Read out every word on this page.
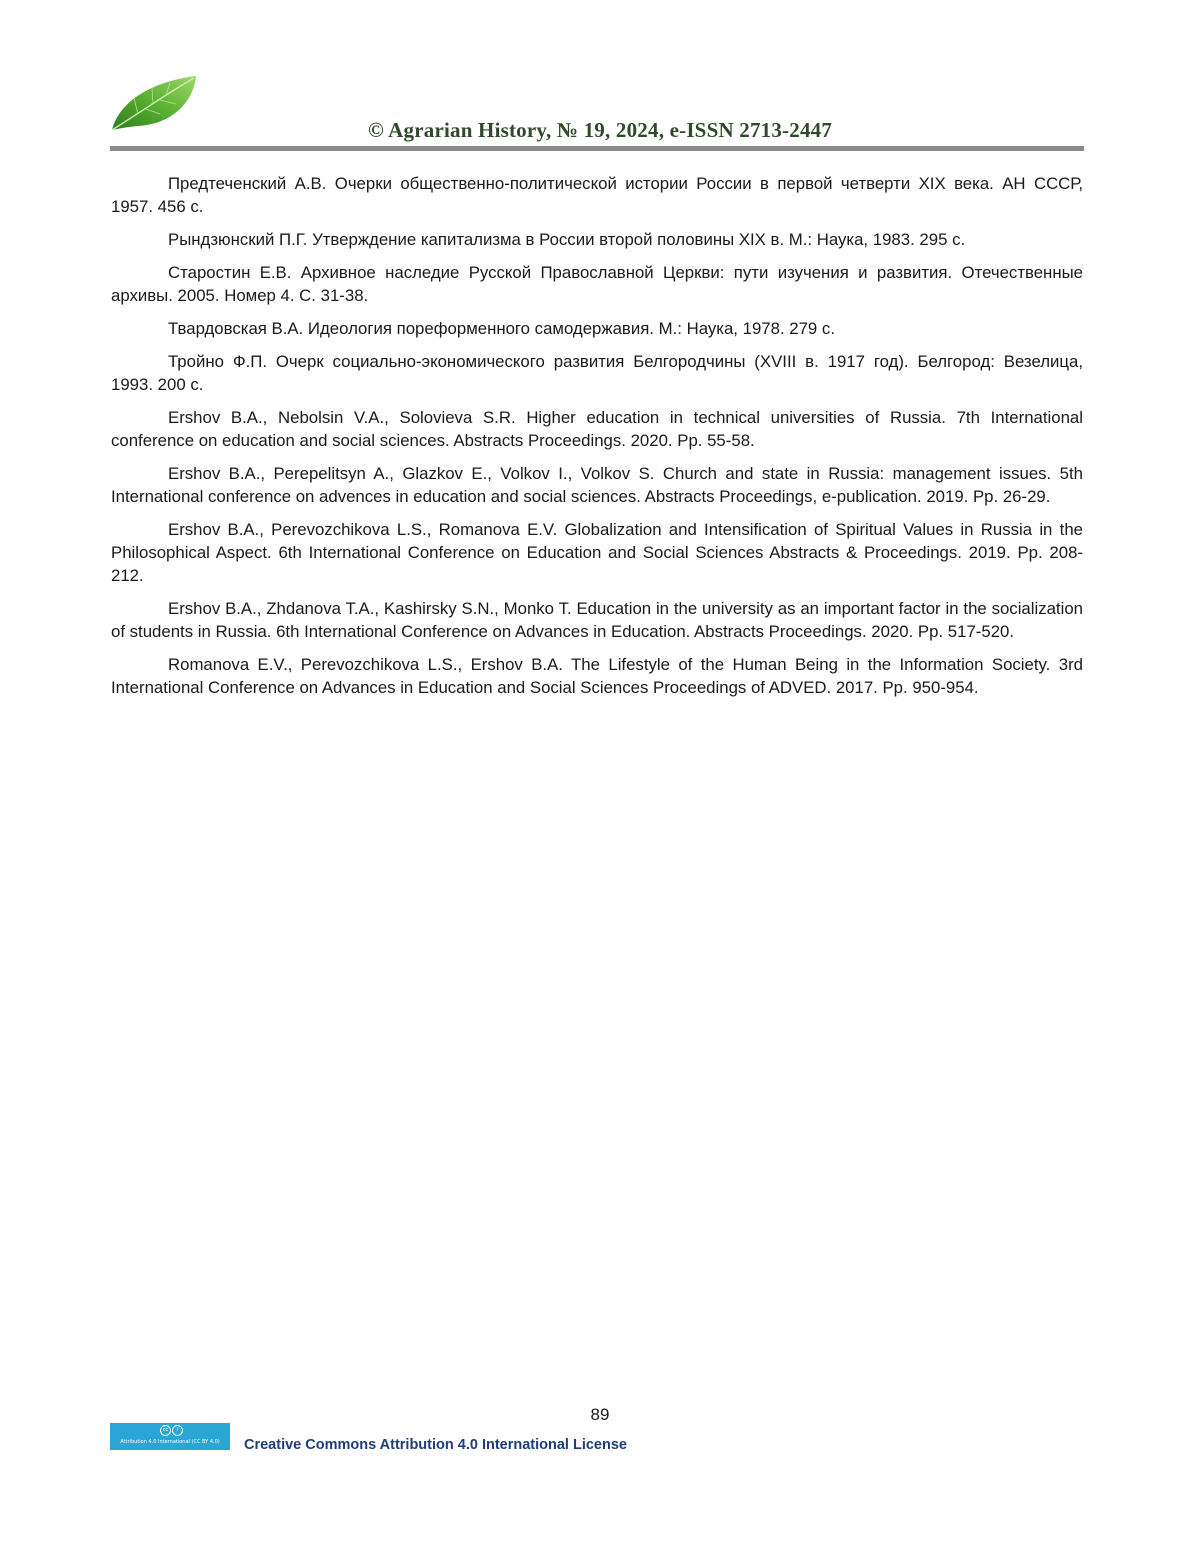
© Agrarian History, № 19, 2024, e-ISSN 2713-2447

Предтеченский А.В. Очерки общественно-политической истории России в первой четверти XIX века. АН СССР, 1957. 456 с.

Рындзюнский П.Г. Утверждение капитализма в России второй половины XIX в. М.: Наука, 1983. 295 с.

Старостин Е.В. Архивное наследие Русской Православной Церкви: пути изучения и развития. Отечественные архивы. 2005. Номер 4. С. 31-38.

Твардовская В.А. Идеология пореформенного самодержавия. М.: Наука, 1978. 279 с.

Тройно Ф.П. Очерк социально-экономического развития Белгородчины (XVIII в. 1917 год). Белгород: Везелица, 1993. 200 с.

Ershov B.A., Nebolsin V.A., Solovieva S.R. Higher education in technical universities of Russia. 7th International conference on education and social sciences. Abstracts Proceedings. 2020. Pp. 55-58.

Ershov B.A., Perepelitsyn A., Glazkov E., Volkov I., Volkov S. Church and state in Russia: management issues. 5th International conference on advences in education and social sciences. Abstracts Proceedings, e-publication. 2019. Pp. 26-29.

Ershov B.A., Perevozchikova L.S., Romanova E.V. Globalization and Intensification of Spiritual Values in Russia in the Philosophical Aspect. 6th International Conference on Education and Social Sciences Abstracts & Proceedings. 2019. Pp. 208-212.

Ershov B.A., Zhdanova T.A., Kashirsky S.N., Monko T. Education in the university as an important factor in the socialization of students in Russia. 6th International Conference on Advances in Education. Abstracts Proceedings. 2020. Pp. 517-520.

Romanova E.V., Perevozchikova L.S., Ershov B.A. The Lifestyle of the Human Being in the Information Society. 3rd International Conference on Advances in Education and Social Sciences Proceedings of ADVED. 2017. Pp. 950-954.

89
cc	i
Attribution 4.0 International (CC BY 4.0)	Creative Commons Attribution 4.0 International License
